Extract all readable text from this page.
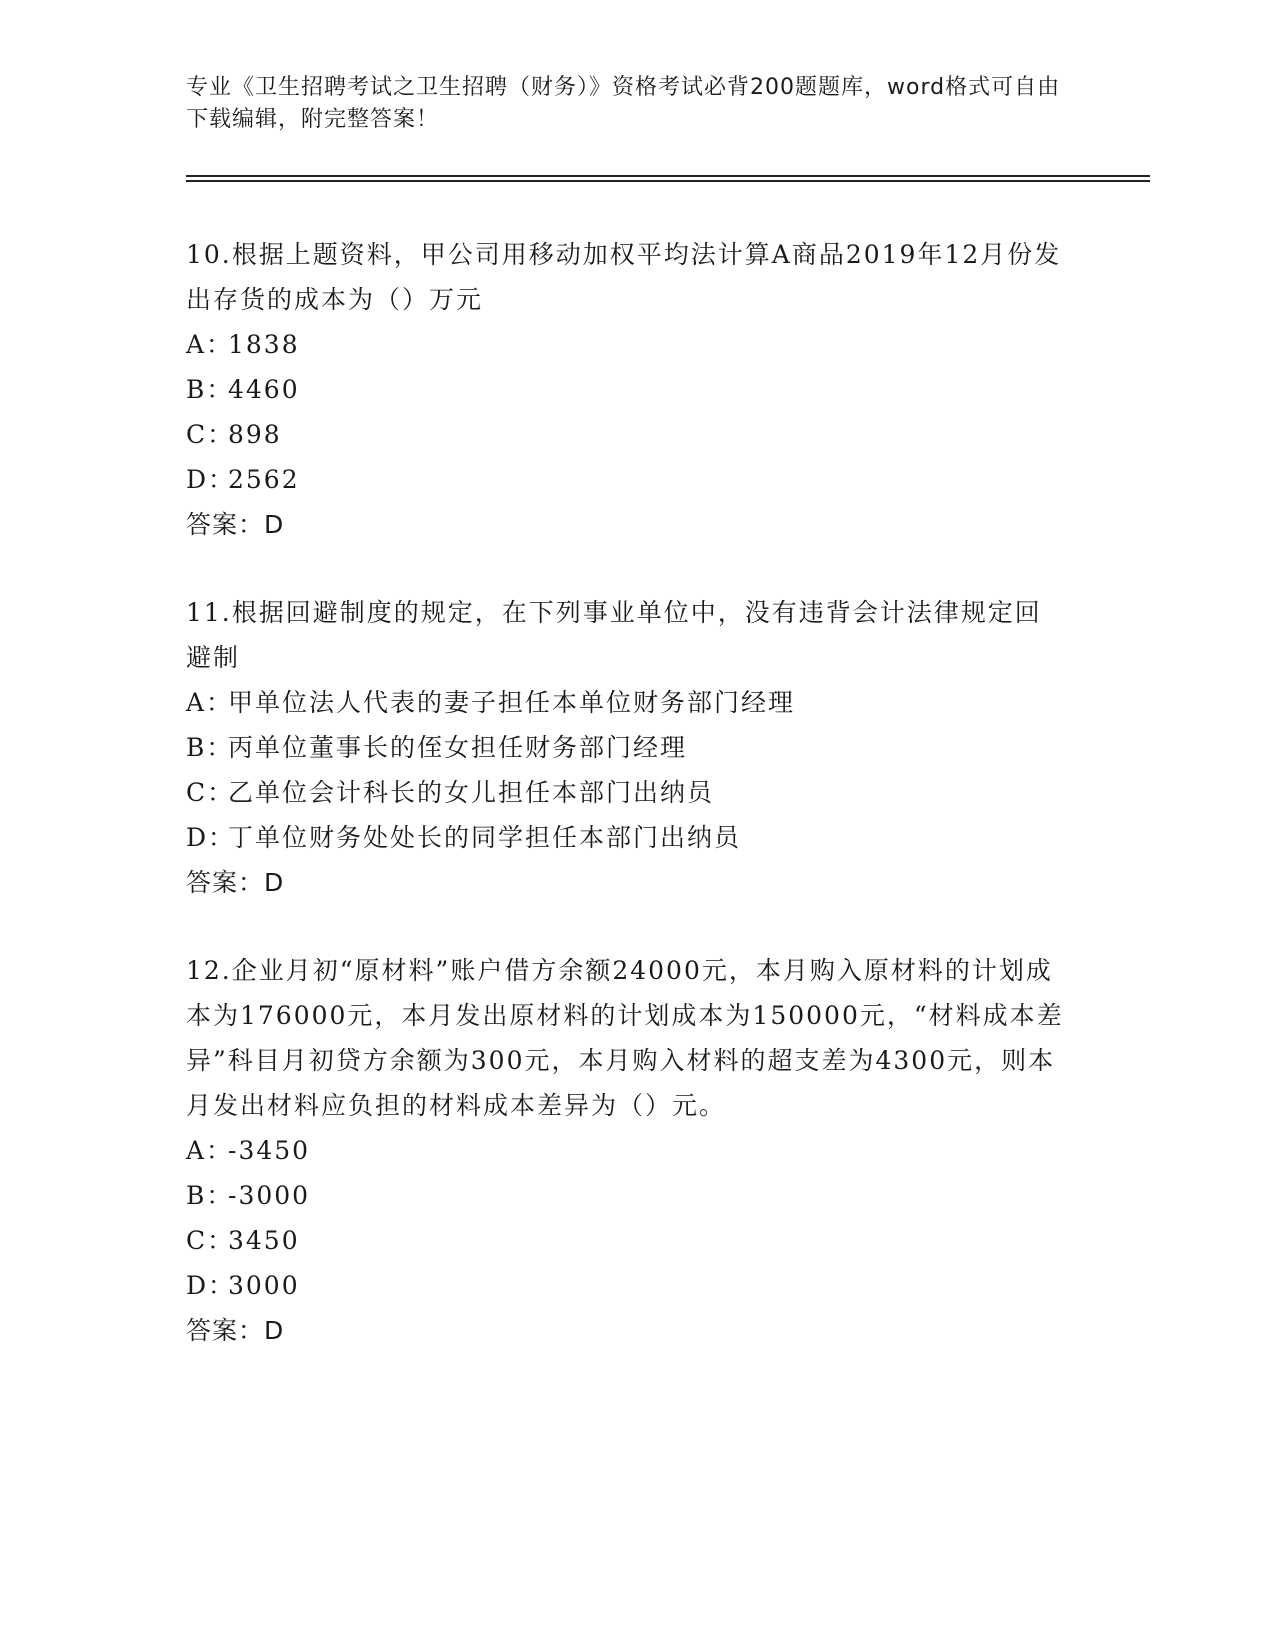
专业《卫生招聘考试之卫生招聘（财务）》资格考试必背200题题库，word格式可自由下载编辑，附完整答案！
10.根据上题资料，甲公司用移动加权平均法计算A商品2019年12月份发出存货的成本为（）万元
A：1838
B：4460
C：898
D：2562
答案：D
11.根据回避制度的规定，在下列事业单位中，没有违背会计法律规定回避制
A：甲单位法人代表的妻子担任本单位财务部门经理
B：丙单位董事长的侄女担任财务部门经理
C：乙单位会计科长的女儿担任本部门出纳员
D：丁单位财务处处长的同学担任本部门出纳员
答案：D
12.企业月初“原材料”账户借方余额24000元，本月购入原材料的计划成本为176000元，本月发出原材料的计划成本为150000元，“材料成本差异”科目月初贷方余额为300元，本月购入材料的超支差为4300元，则本月发出材料应负担的材料成本差异为（）元。
A：-3450
B：-3000
C：3450
D：3000
答案：D
